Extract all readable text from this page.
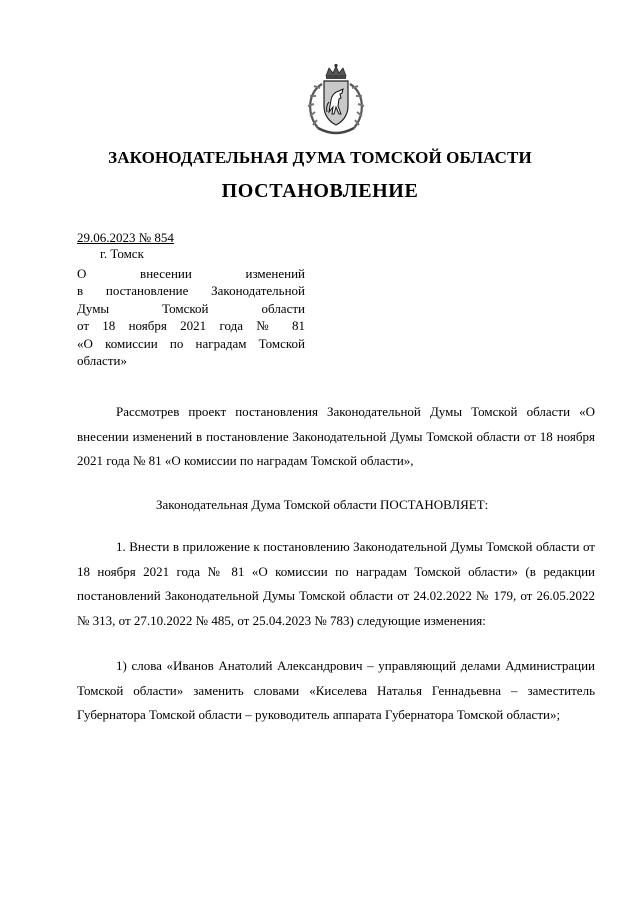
ЗАКОНОДАТЕЛЬНАЯ ДУМА ТОМСКОЙ ОБЛАСТИ
ПОСТАНОВЛЕНИЕ
29.06.2023 № 854
г. Томск
О внесении изменений
в постановление Законодательной
Думы Томской области
от 18 ноября 2021 года № 81
«О комиссии по наградам Томской
области»
Рассмотрев проект постановления Законодательной Думы Томской области «О внесении изменений в постановление Законодательной Думы Томской области от 18 ноября 2021 года № 81 «О комиссии по наградам Томской области»,
Законодательная Дума Томской области ПОСТАНОВЛЯЕТ:
1. Внести в приложение к постановлению Законодательной Думы Томской области от 18 ноября 2021 года № 81 «О комиссии по наградам Томской области» (в редакции постановлений Законодательной Думы Томской области от 24.02.2022 № 179, от 26.05.2022 № 313, от 27.10.2022 № 485, от 25.04.2023 № 783) следующие изменения:
1) слова «Иванов Анатолий Александрович – управляющий делами Администрации Томской области» заменить словами «Киселева Наталья Геннадьевна – заместитель Губернатора Томской области – руководитель аппарата Губернатора Томской области»;
